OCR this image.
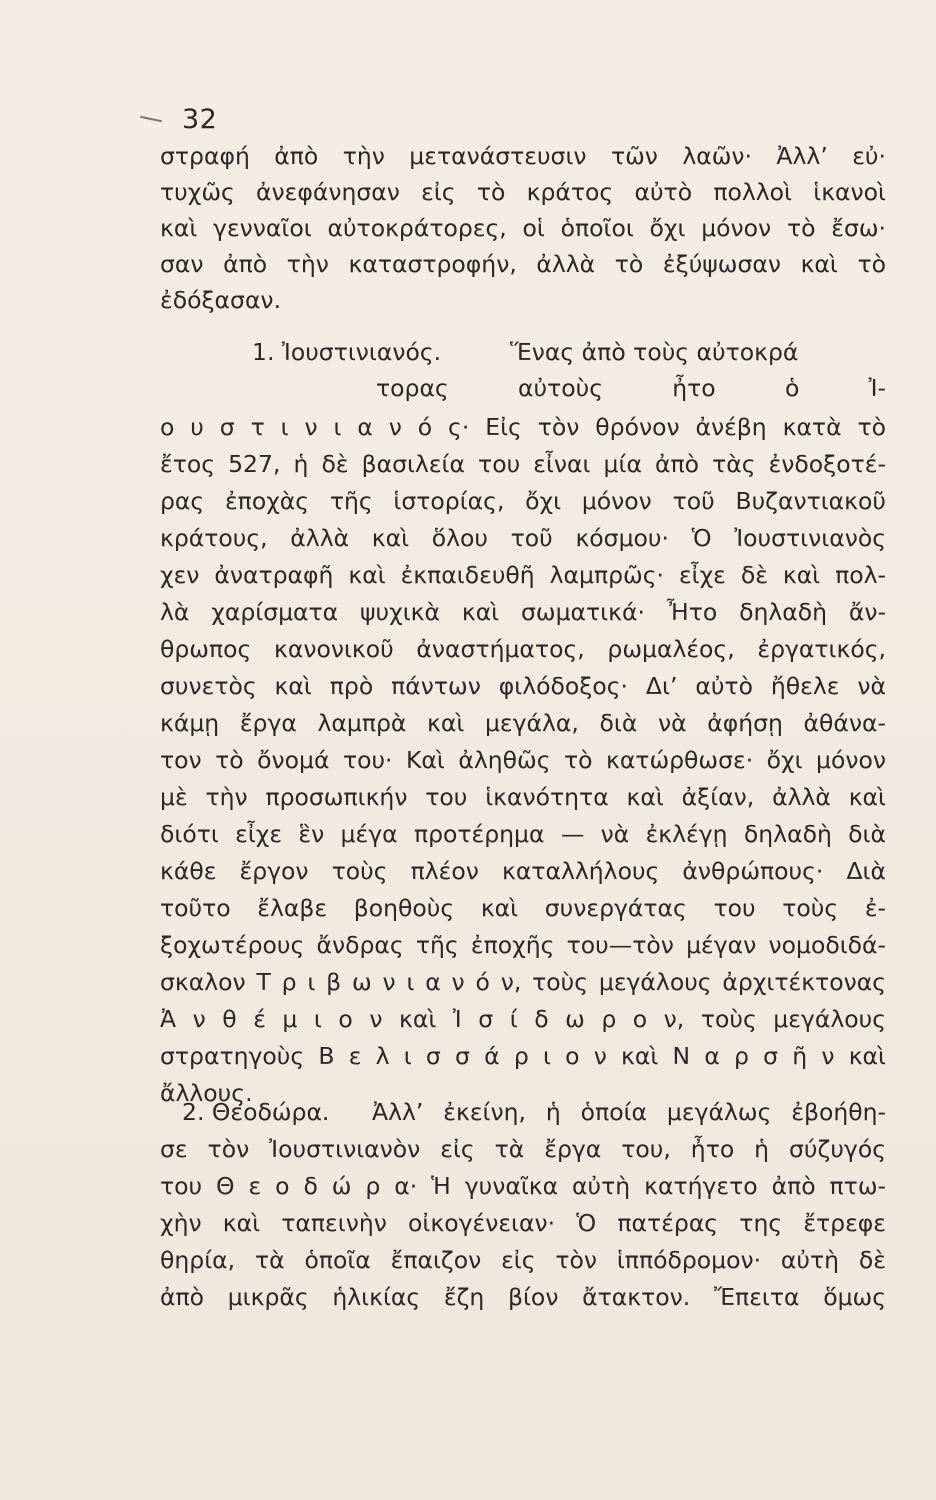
32
στραφή ἀπὸ τὴν μετανάστευσιν τῶν λαῶν· Ἀλλ’ εὐ·
τυχῶς ἀνεφάνησαν εἰς τὸ κράτος αὐτὸ πολλοὶ ἱκανοὶ
καὶ γενναῖοι αὐτοκράτορες, οἱ ὁποῖοι ὄχι μόνον τὸ ἔσω·
σαν ἀπὸ τὴν καταστροφήν, ἀλλὰ τὸ ἐξύψωσαν καὶ τὸ
ἐδόξασαν.
1. Ἰουστινιανός.	Ἕνας ἀπὸ τοὺς αὐτοκρά
τορας αὐτοὺς ἦτο ὁ Ἰ-
ο υ σ τ ι ν ι α ν ό ς· Εἰς τὸν θρόνον ἀνέβη κατὰ τὸ
ἔτος 527, ἡ δὲ βασιλεία του εἶναι μία ἀπὸ τὰς ἐνδοξοτέ-
ρας ἐποχὰς τῆς ἱστορίας, ὄχι μόνον τοῦ Βυζαντιακοῦ
κράτους, ἀλλὰ καὶ ὅλου τοῦ κόσμου· Ὁ Ἰουστινιανὸς
χεν ἀνατραφῆ καὶ ἐκπαιδευθῆ λαμπρῶς· εἶχε δὲ καὶ πολ-
λὰ χαρίσματα ψυχικὰ καὶ σωματικά· Ἦτο δηλαδὴ ἄν-
θρωπος κανονικοῦ ἀναστήματος, ρωμαλέος, ἐργατικός,
συνετὸς καὶ πρὸ πάντων φιλόδοξος· Δι’ αὐτὸ ἤθελε νὰ
κάμῃ ἔργα λαμπρὰ καὶ μεγάλα, διὰ νὰ ἀφήσῃ ἀθάνα-
τον τὸ ὄνομά του· Καὶ ἀληθῶς τὸ κατώρθωσε· ὄχι μόνον
μὲ τὴν προσωπικήν του ἱκανότητα καὶ ἀξίαν, ἀλλὰ καὶ
διότι εἶχε ἓν μέγα προτέρημα — νὰ ἐκλέγῃ δηλαδὴ διὰ
κάθε ἔργον τοὺς πλέον καταλλήλους ἀνθρώπους· Διὰ
τοῦτο ἔλαβε βοηθοὺς καὶ συνεργάτας του τοὺς ἐ-
ξοχωτέρους ἄνδρας τῆς ἐποχῆς του—τὸν μέγαν νομοδιδά-
σκαλον Τ ρ ι β ω ν ι α ν ό ν, τοὺς μεγάλους ἀρχιτέκτονας
Ἀ ν θ έ μ ι ο ν καὶ Ἰ σ ί δ ω ρ ο ν, τοὺς μεγάλους
στρατηγοὺς Β ε λ ι σ σ ά ρ ι ο ν καὶ Ν α ρ σ ῆ ν καὶ
ἄλλους.
2. Θεοδώρα.	Ἀλλ’ ἐκείνη, ἡ ὁποία μεγάλως ἐβοήθη-
σε τὸν Ἰουστινιανὸν εἰς τὰ ἔργα του, ἦτο ἡ σύζυγός
του Θ ε ο δ ώ ρ α· Ἡ γυναῖκα αὐτὴ κατήγετο ἀπὸ πτω-
χὴν καὶ ταπεινὴν οἰκογένειαν· Ὁ πατέρας της ἔτρεφε
θηρία, τὰ ὁποῖα ἔπαιζον εἰς τὸν ἱππόδρομον· αὐτὴ δὲ
ἀπὸ μικρᾶς ἡλικίας ἔζη βίον ἄτακτον. Ἔπειτα ὅμως
